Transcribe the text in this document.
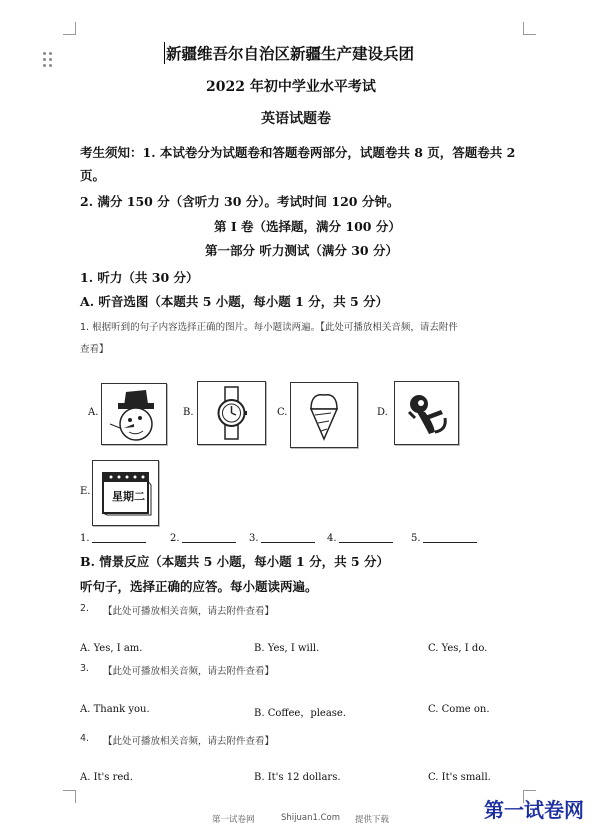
新疆维吾尔自治区新疆生产建设兵团
2022 年初中学业水平考试
英语试题卷
考生须知：1. 本试卷分为试题卷和答题卷两部分，试题卷共 8 页，答题卷共 2
页。
2. 满分 150 分（含听力 30 分）。考试时间 120 分钟。
第 I 卷（选择题，满分 100 分）
第一部分 听力测试（满分 30 分）
1. 听力（共 30 分）
A. 听音选图（本题共 5 小题，每小题 1 分，共 5 分）
1. 根据听到的句子内容选择正确的图片。每小题读两遍。【此处可播放相关音频，请去附件
查看】
A.	B.	C.	D.
E. 星期二
1.	2.	3.	4.	5.
B. 情景反应（本题共 5 小题，每小题 1 分，共 5 分）
听句子，选择正确的应答。每小题读两遍。
2. 【此处可播放相关音频，请去附件查看】
A. Yes, I am.	B. Yes, I will.	C. Yes, I do.
3. 【此处可播放相关音频，请去附件查看】
A. Thank you.	B. Coffee，please.	C. Come on.
4. 【此处可播放相关音频，请去附件查看】
A. It's red.	B. It's 12 dollars.	C. It's small.
第一试卷网	Shijuan1.Com 提供下载	第一试卷网
